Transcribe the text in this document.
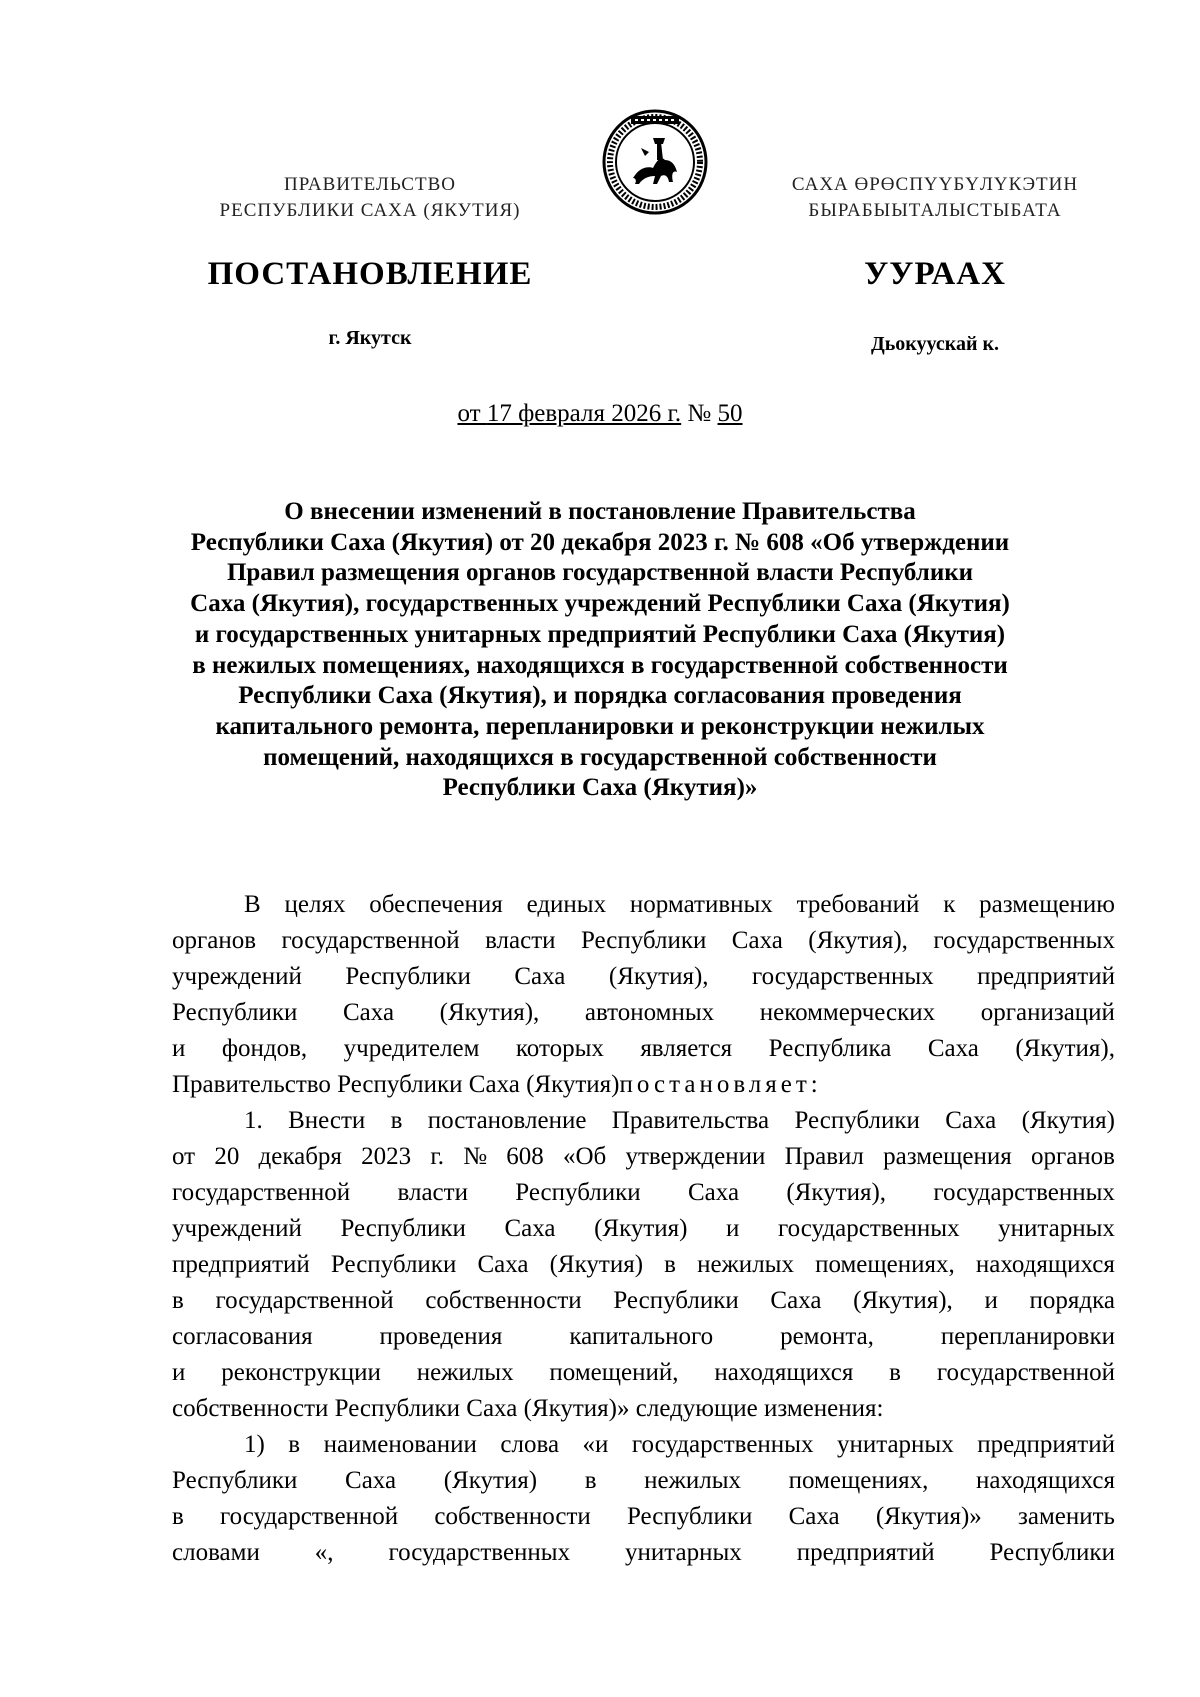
ПРАВИТЕЛЬСТВО
РЕСПУБЛИКИ САХА (ЯКУТИЯ)
САХА ӨРӨСПҮҮБҮЛҮКЭТИН
БЫРАБЫЫТАЛЫСТЫБАТА
ПОСТАНОВЛЕНИЕ	УУРААХ
г. Якутск	Дьокуускай к.
от 17 февраля 2026 г. № 50
О внесении изменений в постановление Правительства
Республики Саха (Якутия) от 20 декабря 2023 г. № 608 «Об утверждении
Правил размещения органов государственной власти Республики
Саха (Якутия), государственных учреждений Республики Саха (Якутия)
и государственных унитарных предприятий Республики Саха (Якутия)
в нежилых помещениях, находящихся в государственной собственности
Республики Саха (Якутия), и порядка согласования проведения
капитального ремонта, перепланировки и реконструкции нежилых
помещений, находящихся в государственной собственности
Республики Саха (Якутия)»
В целях обеспечения единых нормативных требований к размещению
органов государственной власти Республики Саха (Якутия), государственных
учреждений Республики Саха (Якутия), государственных предприятий
Республики Саха (Якутия), автономных некоммерческих организаций
и фондов, учредителем которых является Республика Саха (Якутия),
Правительство Республики Саха (Якутия) постановляет:
1. Внести в постановление Правительства Республики Саха (Якутия)
от 20 декабря 2023 г. № 608 «Об утверждении Правил размещения органов
государственной власти Республики Саха (Якутия), государственных
учреждений Республики Саха (Якутия) и государственных унитарных
предприятий Республики Саха (Якутия) в нежилых помещениях, находящихся
в государственной собственности Республики Саха (Якутия), и порядка
согласования	проведения	капитального	ремонта,	перепланировки
и реконструкции нежилых помещений, находящихся в государственной
собственности Республики Саха (Якутия)» следующие изменения:
1) в наименовании слова «и государственных унитарных предприятий
Республики Саха (Якутия) в нежилых помещениях, находящихся
в государственной собственности Республики Саха (Якутия)» заменить
словами «, государственных унитарных предприятий Республики
